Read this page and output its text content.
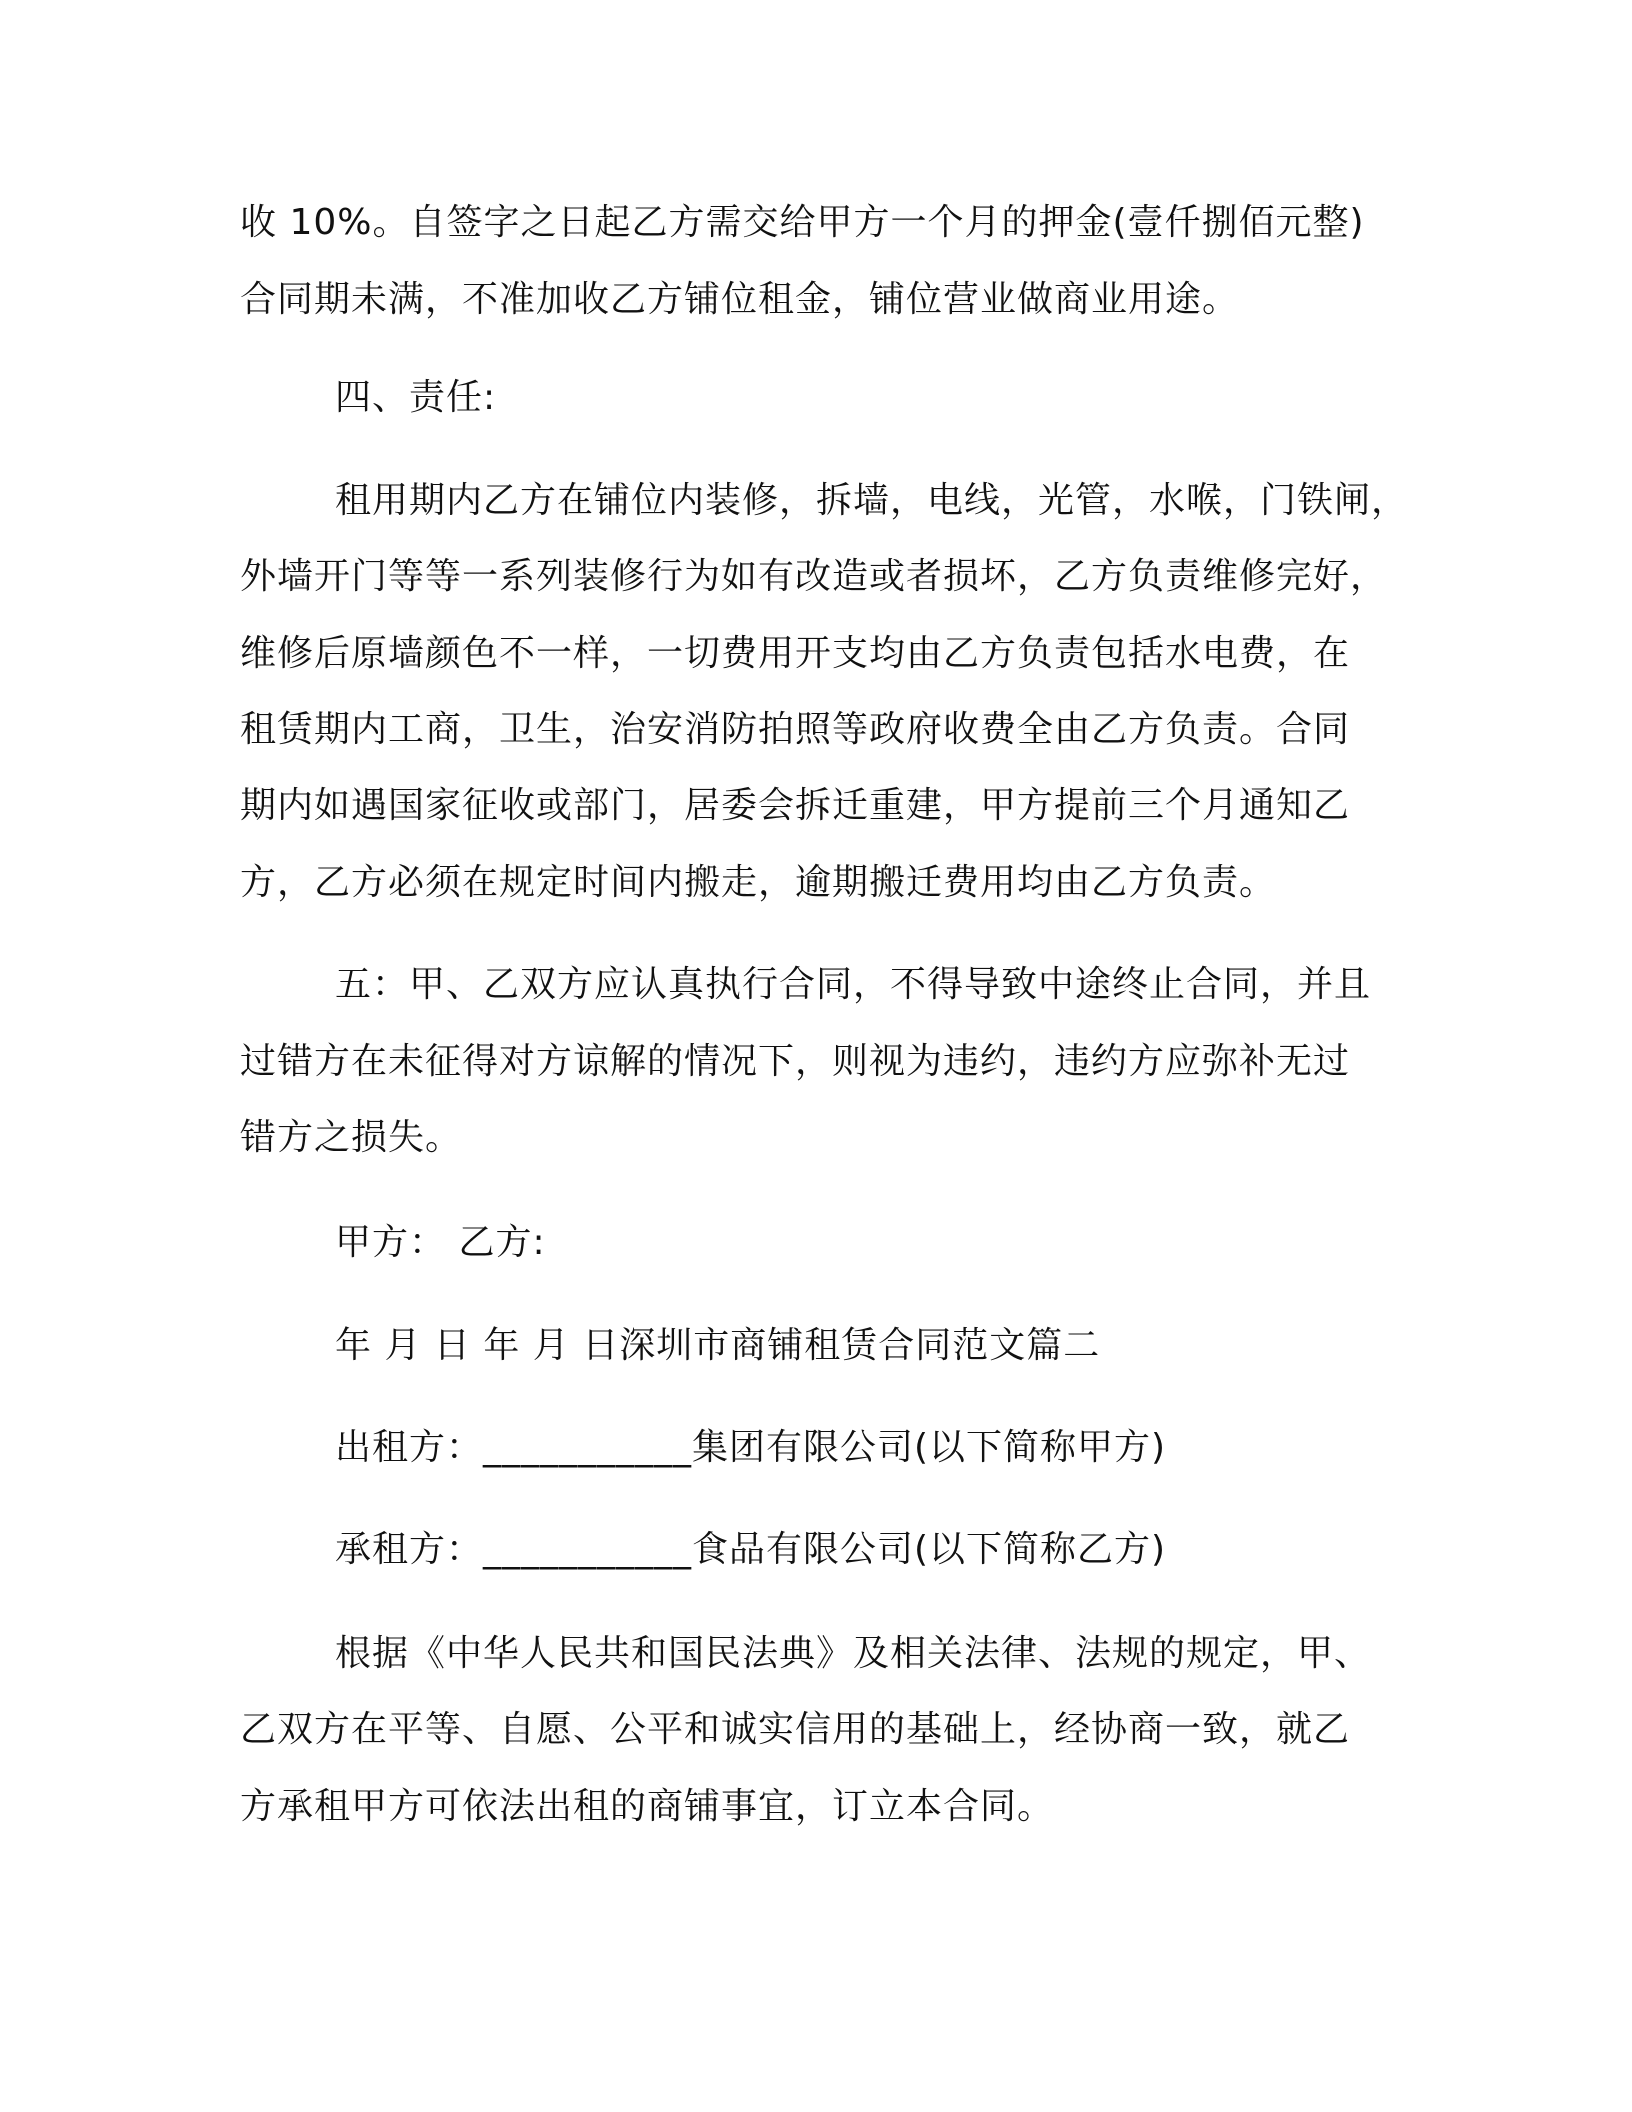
收 10%。自签字之日起乙方需交给甲方一个月的押金(壹仟捌佰元整)
合同期未满，不准加收乙方铺位租金，铺位营业做商业用途。
四、责任:
租用期内乙方在铺位内装修，拆墙，电线，光管，水喉，门铁闸，
外墙开门等等一系列装修行为如有改造或者损坏，乙方负责维修完好，
维修后原墙颜色不一样，一切费用开支均由乙方负责包括水电费，在
租赁期内工商，卫生，治安消防拍照等政府收费全由乙方负责。合同
期内如遇国家征收或部门，居委会拆迁重建，甲方提前三个月通知乙
方，乙方必须在规定时间内搬走，逾期搬迁费用均由乙方负责。
五：甲、乙双方应认真执行合同，不得导致中途终止合同，并且
过错方在未征得对方谅解的情况下，则视为违约，违约方应弥补无过
错方之损失。
甲方： 乙方:
年 月 日 年 月 日深圳市商铺租赁合同范文篇二
出租方：___________集团有限公司(以下简称甲方)
承租方：___________食品有限公司(以下简称乙方)
根据《中华人民共和国民法典》及相关法律、法规的规定，甲、
乙双方在平等、自愿、公平和诚实信用的基础上，经协商一致，就乙
方承租甲方可依法出租的商铺事宜，订立本合同。
